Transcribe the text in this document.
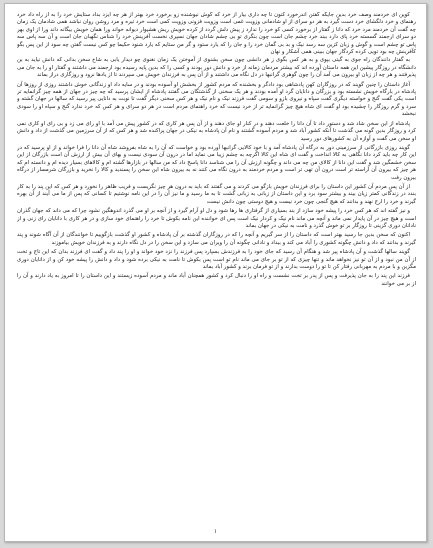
کوین ای خردمند وصف خرد بدین جایگه گفتن اندرخورد کنون تا چه داری بیار از خرد که گوش نیوشنده زو برخورد خرد بهتر از هر چه ایزد بداد ستایش خرد را به از راه داد خرد رهنمای و خرد دلگشای خرد دست گیرد به هر دو سرای از او شادمانی وزویت غمی است وزویت فزونی وزویت کمی است خرد تیره و مرد روشن روان نباشد همی شادمان یک زمان چه گفت آن خردمند مرد خرد که دانا ز گفتار از برخورد کسی کو خرد را ندارد ز پیش دلش گردد از کرده خویش ریش هشیوار دیوانه خواند ورا همان خویش بیگانه داند ورا از اوی بهر دو سرای ارجمند گسسته خرد پای دارد ببند خرد چشم جان است چون بنگری تو بی چشم شادان جهان نسپری نخست آفرینش خرد را شناس نگهبان جان است و آن سه پاس سه پاس تو چشم است و گوش و زبان کزین سه رسد نیک و بد بی گمان خرد را و جان را که یارد ستود و گر من ستایم که یارد شنود حکیما چو کس نیست گفتن چه سود از این پس بگو کآفرینش چه بود تویی کرده کردگار جهان ببینی همی آشکار و نهان

به گفتار دانندگان راه جوی به گیتی بپوی و به هر کس بگوی ز هر دانشی چون سخن بشنوی از آموختن یک زمان نغنوی چو دیدار یابی به شاخ سخن بدانی که دانش نیاید به بن دانشگاه در روزگار پیشین این همه داستان آورده اند که بیشتر مردمان زمانه از خرد و دانش دور بودند و کسی را که بدین پایه رسیده بود ارجمند می داشتند و گفتار او را به جان می پذیرفتند و هر چه از زبان او بیرون می آمد آن را چون گوهری گرانبها در دل نگاه می داشتند و از آن پس به فرزندان خویش می سپردند تا از یادها نرود و روزگاری دراز بماند

آغاز داستان را چنین گویند که در روزگاران کهن پادشاهی بود دادگر و بخشنده که مردم کشور از بخشش او آسوده بودند و در سایه داد او زندگانی خوش داشتند روزی از روزها آن پادشاه در بارگاه خویش نشسته بود و بزرگان و دانایان گرد او آمده بودند و هر یک سخنی از گذشتگان می گفتند پادشاه از ایشان پرسید که چه چیز در جهان از همه چیز گرانمایه تر است یکی گفت گنج و خواسته دیگری گفت سپاه و نیروی بازو و سومی گفت فرزند نیک و نام نیک و هر کس سخنی دیگر گفت تا نوبت به دانایی پیر رسید که سالها در جهان گشته و سرد و گرم روزگار را چشیده بود او گفت ای شاه هیچ چیز گرانمایه تر از خرد نیست که خرد راهنمای مردم است در هر دو سرای و هر کس که خرد ندارد گنج و سپاه او را سودی نبخشد

پادشاه از این سخن شاد شد و دستور داد تا آن دانا را خلعت دهند و در کنار او جای دهند و از آن پس هر کاری که در کشور پیش می آمد با او رای می زد و بی رای او کاری نمی کرد و روزگار بدین گونه می گذشت تا آنکه کشور آباد شد و مردم آسوده گشتند و نام آن پادشاه به نیکی در جهان پراکنده شد و هر کس که از آن سرزمین می گذشت از داد و دانش او سخن می گفت و آوازه آن به کشورهای دور رسید

گویند روزی بازرگانی از سرزمینی دور به درگاه آن پادشاه آمد و با خود کالایی گرانبها آورده بود و خواست که آن را به شاه بفروشد شاه آن دانا را فرا خواند و از او پرسید که در این کار چه باید کرد دانا نگاهی به کالا انداخت و گفت ای شاه این کالا اگرچه به چشم زیبا می نماید اما در درون آن سودی نیست و بهای آن بیش از ارزش آن است بازرگان از این سخن خشمگین شد و گفت این دانا از کالای من چه می داند و چگونه ارزش آن را می شناسد دانا پاسخ داد که من سالها در بازارها گشته ام و کالاهای بسیار دیده ام و دانسته ام که هر چیز که بیرون آن آراسته تر است درون آن تهی تر است و مردم خردمند به درون نگاه می کنند نه به بیرون شاه این سخن را پسندید و کالا را نخرید و بازرگان شرمسار از درگاه بیرون رفت

از آن پس مردم آن کشور این داستان را برای فرزندان خویش بازگو می کردند و می گفتند که باید به درون هر چیز نگریست و فریب ظاهر را نخورد و هر کس که این پند را به کار بندد در زندگانی کمتر زیان بیند و بیشتر سود برد و این داستان از زبانی به زبانی گشت تا به ما رسید و ما نیز آن را در این نامه نوشتیم تا کسانی که پس از ما می آیند از آن بهره گیرند و خرد را ارج نهند و بدانند که هیچ گنجی چون خرد نیست و هیچ دوستی چون دانش نیست

و نیز گفته اند که هر کس خرد را پیشه خود سازد از بند بسیاری از گرفتاری ها رها شود و دل او آرام گیرد و از آنچه بر او می گذرد اندوهگین نشود چرا که می داند که جهان گذران است و هیچ چیز در آن پایدار نمی ماند و آنچه می ماند نام نیک و کردار نیک است پس ای خواننده این نامه بکوش تا خرد را راهنمای خود سازی و در هر کاری با دانایان رای زنی و از نادانان دوری گزینی تا روزگار بر تو خوش گذرد و نامت به نیکی در جهان بماند

اکنون که سخن بدین جا رسید بهتر است که داستان را از سر گیریم و آنچه را که در روزگاران گذشته بر آن پادشاه و کشور او گذشت بازگوییم تا خوانندگان از آن آگاه شوند و پند گیرند و بدانند که داد و دانش چگونه کشوری را آباد می کند و بیداد و نادانی چگونه آن را ویران می سازد و این سخن را در دل نگاه دارند و به فرزندان خویش بیاموزند

گویند سالها گذشت و آن پادشاه پیر شد و هنگام آن رسید که جای خود را به فرزندش بسپارد پس فرزند را نزد خود خواند و او را پند داد و گفت ای فرزند بدان که این تاج و تخت از آن من نبود و از آن تو نیز نخواهد ماند و تنها چیزی که از تو بر جای می ماند نام تو است پس بکوش تا نامت به نیکی برده شود و داد و دانش را پیشه خود کن و از دانایان دوری مگزین و با مردم به مهربانی رفتار کن تا تو را دوست بدارند و از تو فرمان برند و کشور آباد بماند

فرزند این پند را به جان پذیرفت و پس از پدر بر تخت نشست و راه او را دنبال کرد و کشور همچنان آباد ماند و مردم آسوده زیستند و این داستان را تا امروز به یاد دارند و آن را از بر می خوانند

۱
